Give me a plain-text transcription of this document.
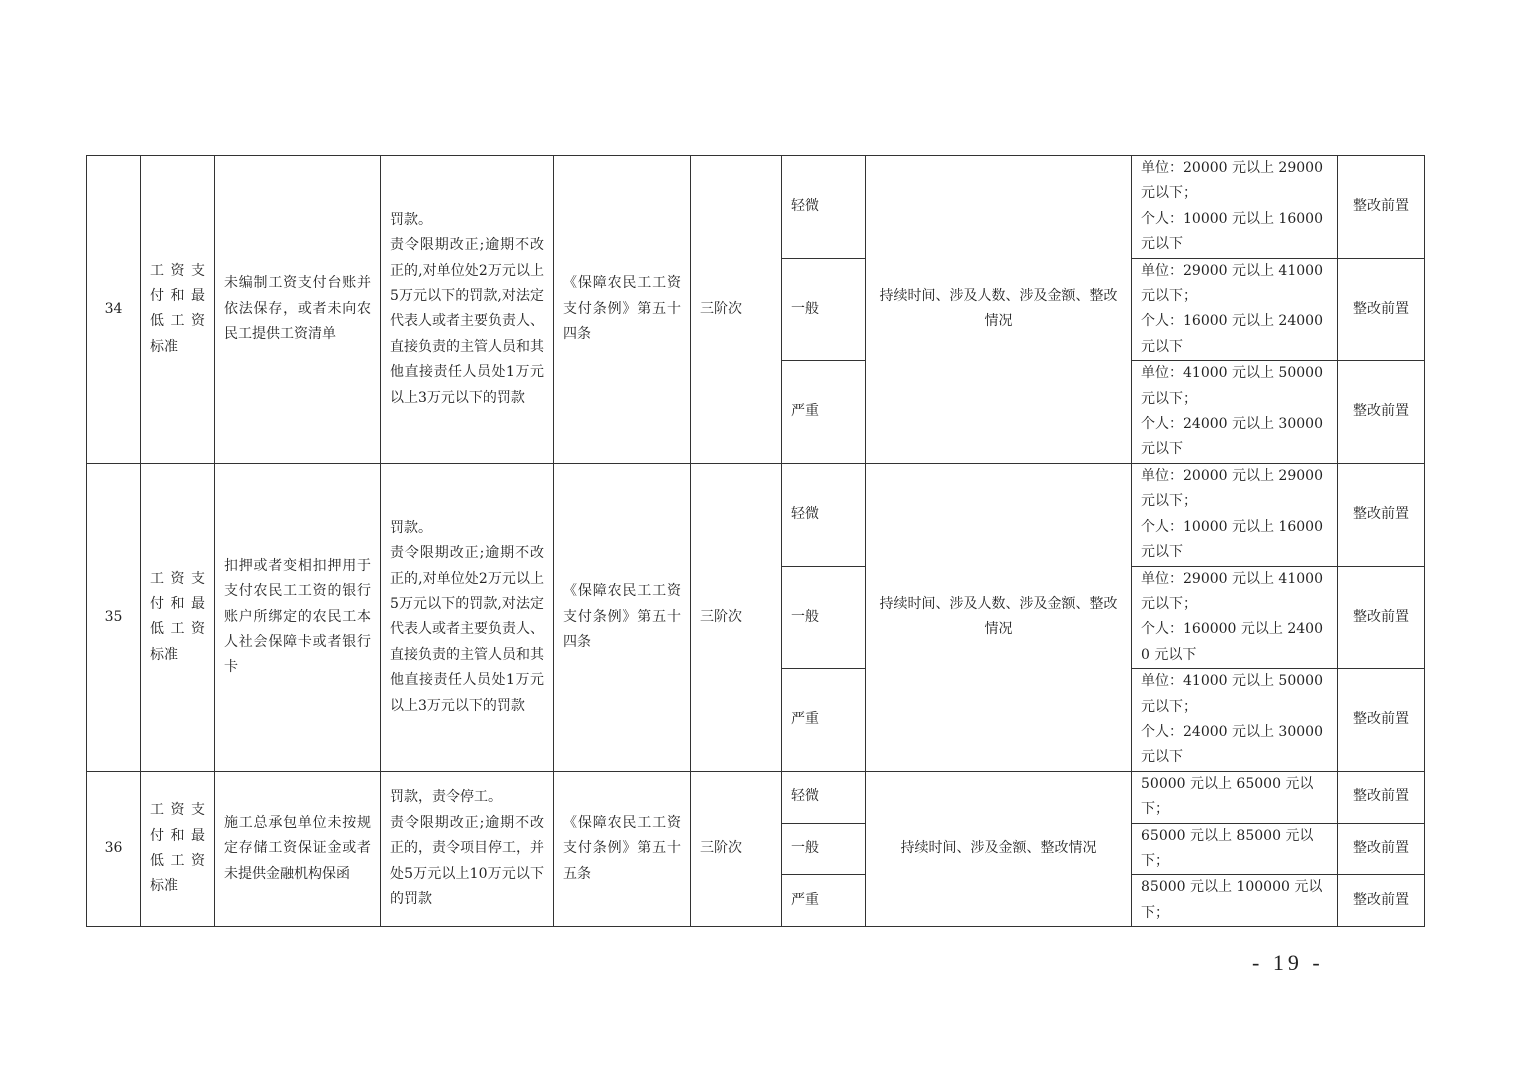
34	工资支付和最低工资标准	未编制工资支付台账并依法保存，或者未向农民工提供工资清单	罚款。
责令限期改正;逾期不改正的,对单位处2万元以上5万元以下的罚款,对法定代表人或者主要负责人、直接负责的主管人员和其他直接责任人员处1万元以上3万元以下的罚款	《保障农民工工资支付条例》第五十四条	三阶次	轻微	持续时间、涉及人数、涉及金额、整改情况	单位：20000 元以上 29000 元以下；
个人：10000 元以上 16000 元以下	整改前置
						一般		单位：29000 元以上 41000 元以下；
个人：16000 元以上 24000 元以下	整改前置
						严重		单位：41000 元以上 50000 元以下；
个人：24000 元以上 30000 元以下	整改前置
35	工资支付和最低工资标准	扣押或者变相扣押用于支付农民工工资的银行账户所绑定的农民工本人社会保障卡或者银行卡	罚款。
责令限期改正;逾期不改正的,对单位处2万元以上5万元以下的罚款,对法定代表人或者主要负责人、直接负责的主管人员和其他直接责任人员处1万元以上3万元以下的罚款	《保障农民工工资支付条例》第五十四条	三阶次	轻微	持续时间、涉及人数、涉及金额、整改情况	单位：20000 元以上 29000 元以下；
个人：10000 元以上 16000 元以下	整改前置
						一般		单位：29000 元以上 41000 元以下；
个人：160000 元以上 24000 元以下	整改前置
						严重		单位：41000 元以上 50000 元以下；
个人：24000 元以上 30000 元以下	整改前置
36	工资支付和最低工资标准	施工总承包单位未按规定存储工资保证金或者未提供金融机构保函	罚款，责令停工。
责令限期改正;逾期不改正的，责令项目停工，并处5万元以上10万元以下的罚款	《保障农民工工资支付条例》第五十五条	三阶次	轻微	持续时间、涉及金额、整改情况	50000 元以上 65000 元以下；	整改前置
						一般		65000 元以上 85000 元以下；	整改前置
						严重		85000 元以上 100000 元以下；	整改前置
- 19 -
